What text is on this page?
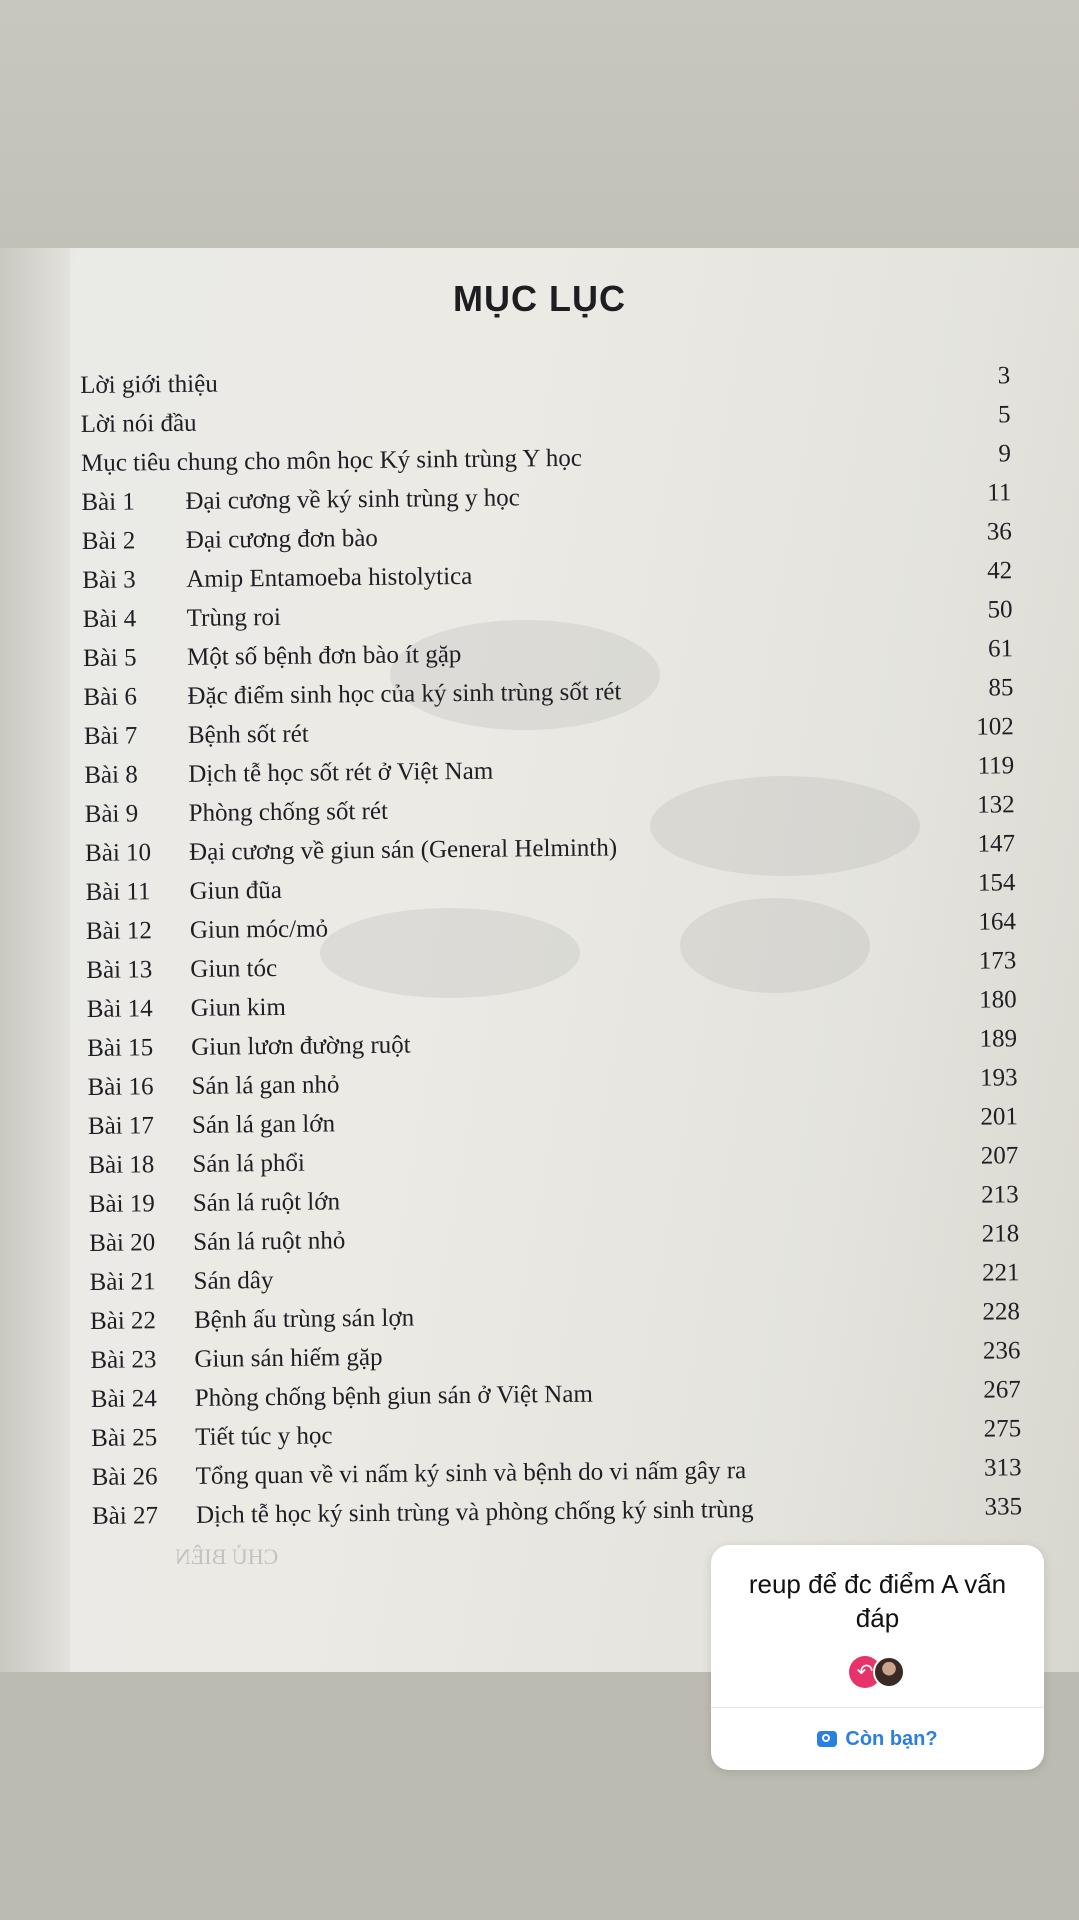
MỤC LỤC
Lời giới thiệu	3
Lời nói đầu	5
Mục tiêu chung cho môn học Ký sinh trùng Y học	9
Bài 1 Đại cương về ký sinh trùng y học	11
Bài 2 Đại cương đơn bào	36
Bài 3 Amip Entamoeba histolytica	42
Bài 4 Trùng roi	50
Bài 5 Một số bệnh đơn bào ít gặp	61
Bài 6 Đặc điểm sinh học của ký sinh trùng sốt rét	85
Bài 7 Bệnh sốt rét	102
Bài 8 Dịch tễ học sốt rét ở Việt Nam	119
Bài 9 Phòng chống sốt rét	132
Bài 10 Đại cương về giun sán (General Helminth)	147
Bài 11 Giun đũa	154
Bài 12 Giun móc/mỏ	164
Bài 13 Giun tóc	173
Bài 14 Giun kim	180
Bài 15 Giun lươn đường ruột	189
Bài 16 Sán lá gan nhỏ	193
Bài 17 Sán lá gan lớn	201
Bài 18 Sán lá phổi	207
Bài 19 Sán lá ruột lớn	213
Bài 20 Sán lá ruột nhỏ	218
Bài 21 Sán dây	221
Bài 22 Bệnh ấu trùng sán lợn	228
Bài 23 Giun sán hiếm gặp	236
Bài 24 Phòng chống bệnh giun sán ở Việt Nam	267
Bài 25 Tiết túc y học	275
Bài 26 Tổng quan về vi nấm ký sinh và bệnh do vi nấm gây ra	313
Bài 27 Dịch tễ học ký sinh trùng và phòng chống ký sinh trùng	335
CHỦ BIÊN
reup để đc điểm A vấn đáp
↶
Còn bạn?
